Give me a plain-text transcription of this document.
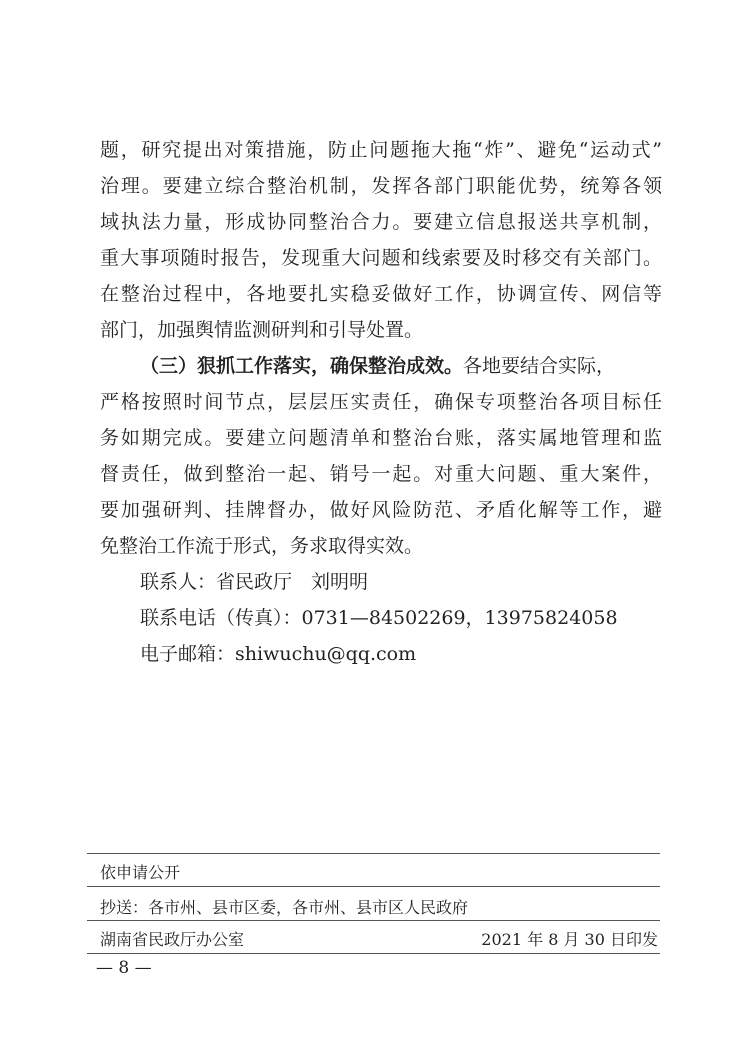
题，研究提出对策措施，防止问题拖大拖“炸”、避免“运动式”
治理。要建立综合整治机制，发挥各部门职能优势，统筹各领
域执法力量，形成协同整治合力。要建立信息报送共享机制，
重大事项随时报告，发现重大问题和线索要及时移交有关部门。
在整治过程中，各地要扎实稳妥做好工作，协调宣传、网信等
部门，加强舆情监测研判和引导处置。
（三）狠抓工作落实，确保整治成效。各地要结合实际，
严格按照时间节点，层层压实责任，确保专项整治各项目标任
务如期完成。要建立问题清单和整治台账，落实属地管理和监
督责任，做到整治一起、销号一起。对重大问题、重大案件，
要加强研判、挂牌督办，做好风险防范、矛盾化解等工作，避
免整治工作流于形式，务求取得实效。
联系人：省民政厅　刘明明
联系电话（传真）：0731—84502269，13975824058
电子邮箱：shiwuchu@qq.com
依申请公开
抄送：各市州、县市区委，各市州、县市区人民政府
湖南省民政厅办公室	2021 年 8 月 30 日印发
— 8 —
